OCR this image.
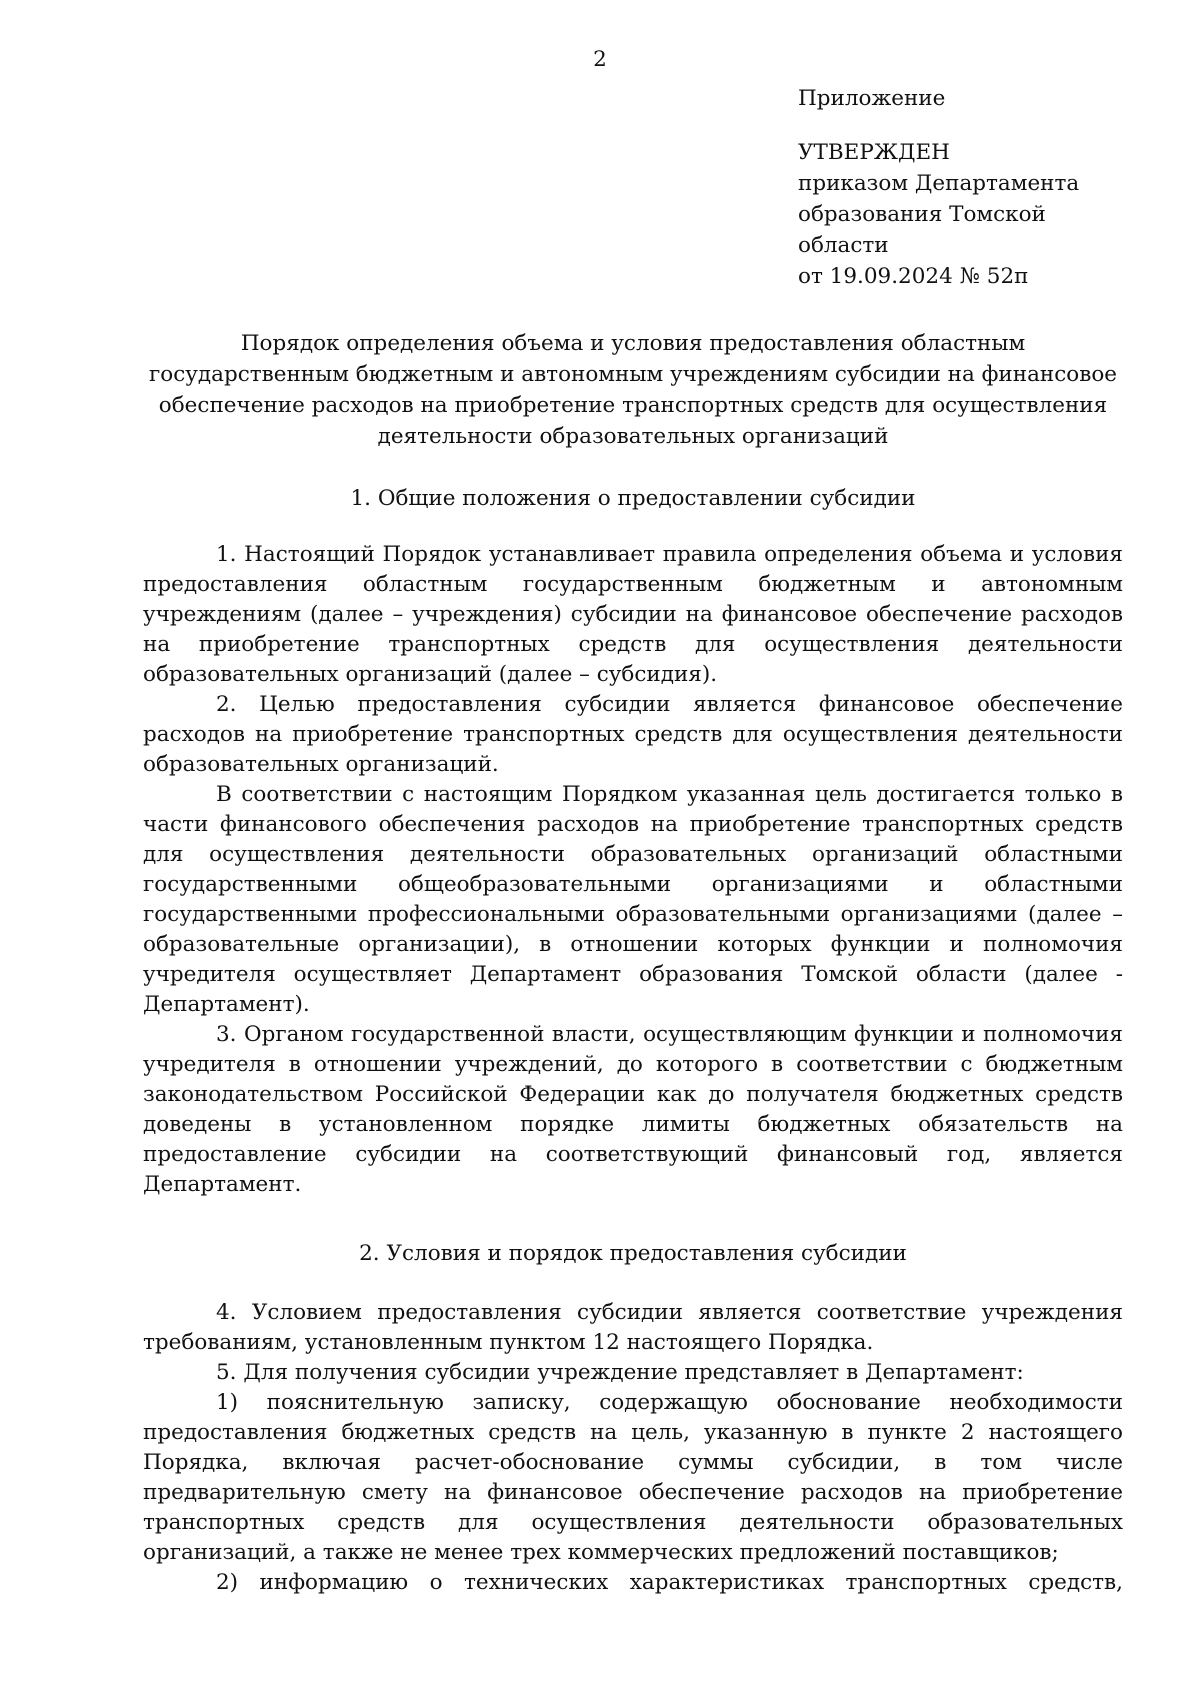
2
Приложение
УТВЕРЖДЕН
приказом Департамента
образования Томской
области
от 19.09.2024 № 52п
Порядок определения объема и условия предоставления областным государственным бюджетным и автономным учреждениям субсидии на финансовое обеспечение расходов на приобретение транспортных средств для осуществления деятельности образовательных организаций
1. Общие положения о предоставлении субсидии

1. Настоящий Порядок устанавливает правила определения объема и условия предоставления областным государственным бюджетным и автономным учреждениям (далее – учреждения) субсидии на финансовое обеспечение расходов на приобретение транспортных средств для осуществления деятельности образовательных организаций (далее – субсидия).

2. Целью предоставления субсидии является финансовое обеспечение расходов на приобретение транспортных средств для осуществления деятельности образовательных организаций.

В соответствии с настоящим Порядком указанная цель достигается только в части финансового обеспечения расходов на приобретение транспортных средств для осуществления деятельности образовательных организаций областными государственными общеобразовательными организациями и областными государственными профессиональными образовательными организациями (далее – образовательные организации), в отношении которых функции и полномочия учредителя осуществляет Департамент образования Томской области (далее - Департамент).

3. Органом государственной власти, осуществляющим функции и полномочия учредителя в отношении учреждений, до которого в соответствии с бюджетным законодательством Российской Федерации как до получателя бюджетных средств доведены в установленном порядке лимиты бюджетных обязательств на предоставление субсидии на соответствующий финансовый год, является Департамент.

2. Условия и порядок предоставления субсидии

4. Условием предоставления субсидии является соответствие учреждения требованиям, установленным пунктом 12 настоящего Порядка.

5. Для получения субсидии учреждение представляет в Департамент:

1) пояснительную записку, содержащую обоснование необходимости предоставления бюджетных средств на цель, указанную в пункте 2 настоящего Порядка, включая расчет-обоснование суммы субсидии, в том числе предварительную смету на финансовое обеспечение расходов на приобретение транспортных средств для осуществления деятельности образовательных организаций, а также не менее трех коммерческих предложений поставщиков;

2) информацию о технических характеристиках транспортных средств,
